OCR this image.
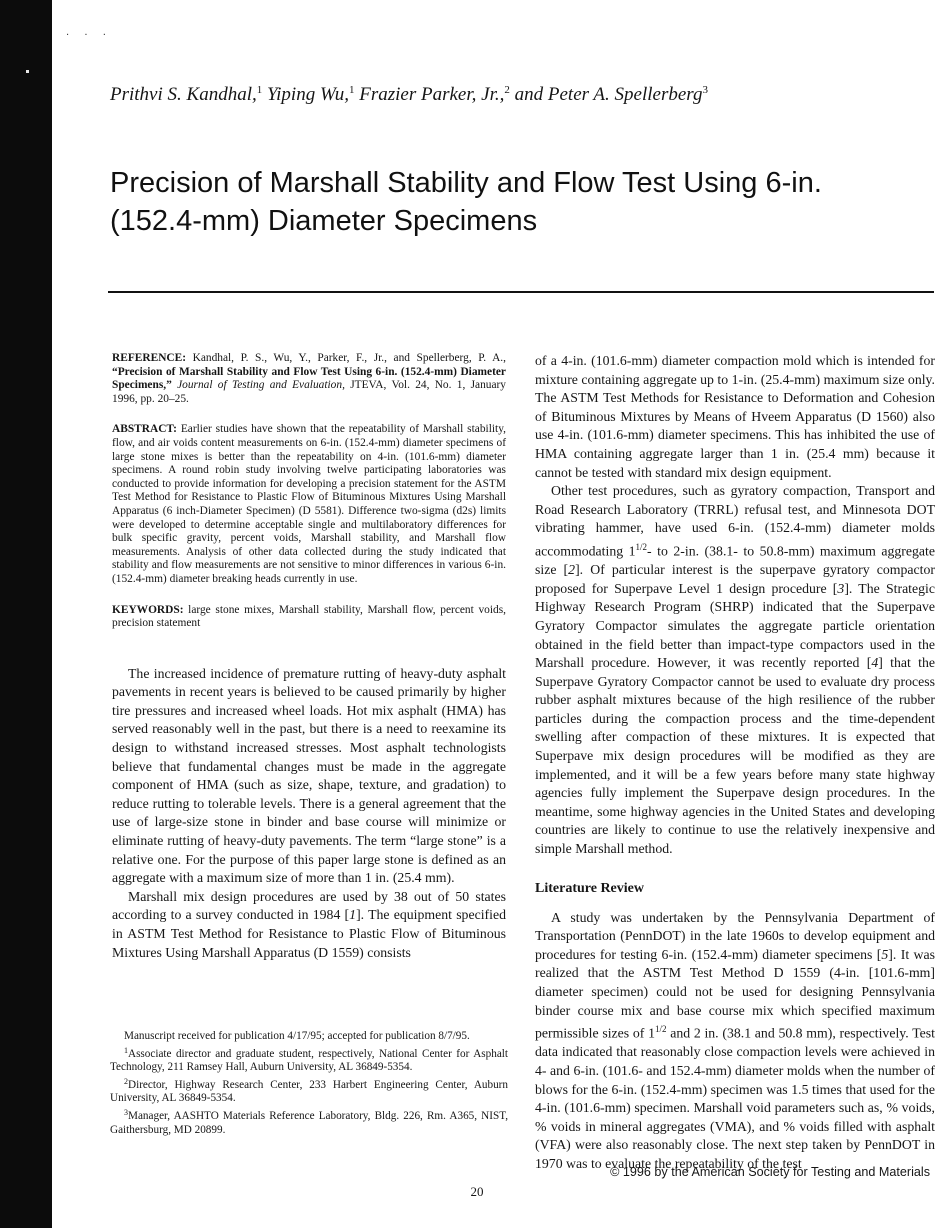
· · ·
Prithvi S. Kandhal,$^1$ Yiping Wu,$^1$ Frazier Parker, Jr.,$^2$ and Peter A. Spellerberg$^3$
Precision of Marshall Stability and Flow Test Using 6-in.
(152.4-mm) Diameter Specimens

REFERENCE: Kandhal, P. S., Wu, Y., Parker, F., Jr., and Spellerberg, P. A., “Precision of Marshall Stability and Flow Test Using 6-in. (152.4-mm) Diameter Specimens,” Journal of Testing and Evaluation, JTEVA, Vol. 24, No. 1, January 1996, pp. 20–25.

ABSTRACT: Earlier studies have shown that the repeatability of Marshall stability, flow, and air voids content measurements on 6-in. (152.4-mm) diameter specimens of large stone mixes is better than the repeatability on 4-in. (101.6-mm) diameter specimens. A round robin study involving twelve participating laboratories was conducted to provide information for developing a precision statement for the ASTM Test Method for Resistance to Plastic Flow of Bituminous Mixtures Using Marshall Apparatus (6 inch-Diameter Specimen) (D 5581). Difference two-sigma (d2s) limits were developed to determine acceptable single and multilaboratory differences for bulk specific gravity, percent voids, Marshall stability, and Marshall flow measurements. Analysis of other data collected during the study indicated that stability and flow measurements are not sensitive to minor differences in various 6-in. (152.4-mm) diameter breaking heads currently in use.

KEYWORDS: large stone mixes, Marshall stability, Marshall flow, percent voids, precision statement

The increased incidence of premature rutting of heavy-duty asphalt pavements in recent years is believed to be caused primarily by higher tire pressures and increased wheel loads. Hot mix asphalt (HMA) has served reasonably well in the past, but there is a need to reexamine its design to withstand increased stresses. Most asphalt technologists believe that fundamental changes must be made in the aggregate component of HMA (such as size, shape, texture, and gradation) to reduce rutting to tolerable levels. There is a general agreement that the use of large-size stone in binder and base course will minimize or eliminate rutting of heavy-duty pavements. The term “large stone” is a relative one. For the purpose of this paper large stone is defined as an aggregate with a maximum size of more than 1 in. (25.4 mm).

Marshall mix design procedures are used by 38 out of 50 states according to a survey conducted in 1984 [1]. The equipment specified in ASTM Test Method for Resistance to Plastic Flow of Bituminous Mixtures Using Marshall Apparatus (D 1559) consists

Manuscript received for publication 4/17/95; accepted for publication 8/7/95.

$^1$Associate director and graduate student, respectively, National Center for Asphalt Technology, 211 Ramsey Hall, Auburn University, AL 36849-5354.

$^2$Director, Highway Research Center, 233 Harbert Engineering Center, Auburn University, AL 36849-5354.

$^3$Manager, AASHTO Materials Reference Laboratory, Bldg. 226, Rm. A365, NIST, Gaithersburg, MD 20899.

of a 4-in. (101.6-mm) diameter compaction mold which is intended for mixture containing aggregate up to 1-in. (25.4-mm) maximum size only. The ASTM Test Methods for Resistance to Deformation and Cohesion of Bituminous Mixtures by Means of Hveem Apparatus (D 1560) also use 4-in. (101.6-mm) diameter specimens. This has inhibited the use of HMA containing aggregate larger than 1 in. (25.4 mm) because it cannot be tested with standard mix design equipment.

Other test procedures, such as gyratory compaction, Transport and Road Research Laboratory (TRRL) refusal test, and Minnesota DOT vibrating hammer, have used 6-in. (152.4-mm) diameter molds accommodating $1^{1/2}-$ to 2-in. (38.1- to 50.8-mm) maximum aggregate size [2]. Of particular interest is the superpave gyratory compactor proposed for Superpave Level 1 design procedure [3]. The Strategic Highway Research Program (SHRP) indicated that the Superpave Gyratory Compactor simulates the aggregate particle orientation obtained in the field better than impact-type compactors used in the Marshall procedure. However, it was recently reported [4] that the Superpave Gyratory Compactor cannot be used to evaluate dry process rubber asphalt mixtures because of the high resilience of the rubber particles during the compaction process and the time-dependent swelling after compaction of these mixtures. It is expected that Superpave mix design procedures will be modified as they are implemented, and it will be a few years before many state highway agencies fully implement the Superpave design procedures. In the meantime, some highway agencies in the United States and developing countries are likely to continue to use the relatively inexpensive and simple Marshall method.

Literature Review

A study was undertaken by the Pennsylvania Department of Transportation (PennDOT) in the late 1960s to develop equipment and procedures for testing 6-in. (152.4-mm) diameter specimens [5]. It was realized that the ASTM Test Method D 1559 (4-in. [101.6-mm] diameter specimen) could not be used for designing Pennsylvania binder course mix and base course mix which specified maximum permissible sizes of $1^{1/2}$ and 2 in. (38.1 and 50.8 mm), respectively. Test data indicated that reasonably close compaction levels were achieved in 4- and 6-in. (101.6- and 152.4-mm) diameter molds when the number of blows for the 6-in. (152.4-mm) specimen was 1.5 times that used for the 4-in. (101.6-mm) specimen. Marshall void parameters such as, % voids, % voids in mineral aggregates (VMA), and % voids filled with asphalt (VFA) were also reasonably close. The next step taken by PennDOT in 1970 was to evaluate the repeatability of the test

© 1996 by the American Society for Testing and Materials
20
